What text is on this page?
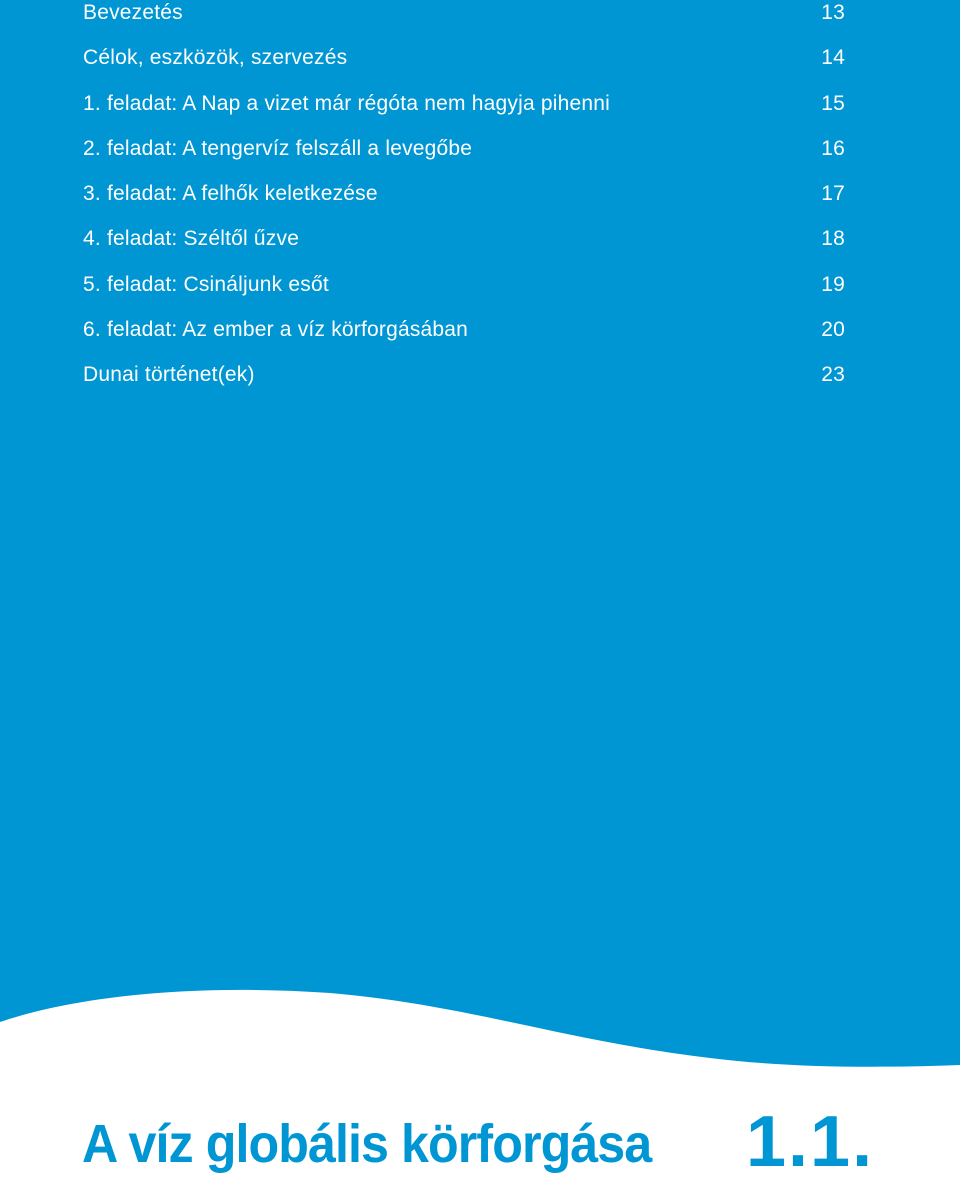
Bevezetés	13
Célok, eszközök, szervezés	14
1. feladat: A Nap a vizet már régóta nem hagyja pihenni	15
2. feladat: A tengervíz felszáll a levegőbe	16
3. feladat: A felhők keletkezése	17
4. feladat: Széltől űzve	18
5. feladat: Csináljunk esőt	19
6. feladat: Az ember a víz körforgásában	20
Dunai történet(ek)	23
A víz globális körforgása 1.1.
